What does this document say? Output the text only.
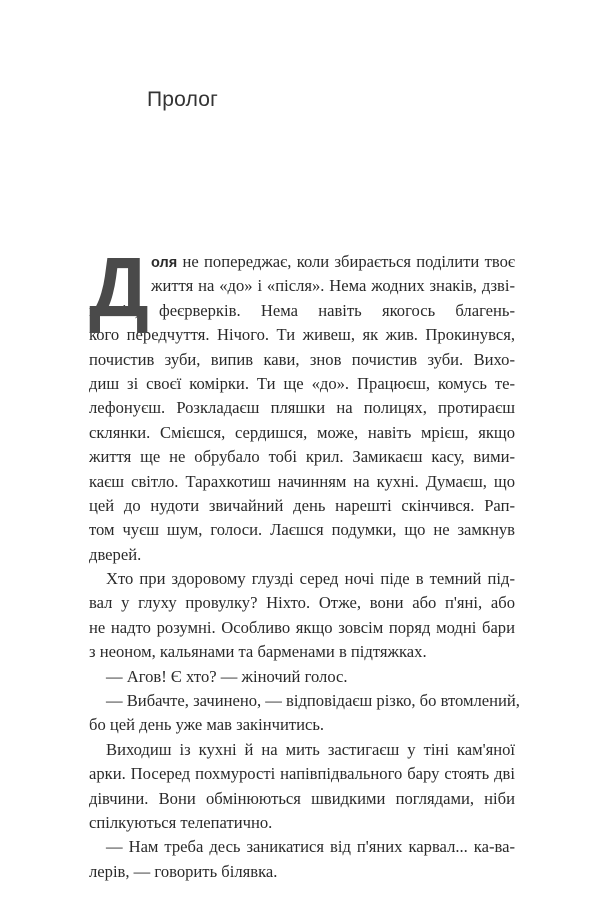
Пролог
Д оля не попереджає, коли збирається поділити твоє
життя на «до» і «після». Нема жодних знаків, дзві-
ночків, феєрверків. Нема навіть якогось благень-
кого передчуття. Нічого. Ти живеш, як жив. Прокинувся,
почистив зуби, випив кави, знов почистив зуби. Вихо-
диш зі своєї комірки. Ти ще «до». Працюєш, комусь те-
лефонуєш. Розкладаєш пляшки на полицях, протираєш
склянки. Смієшся, сердишся, може, навіть мрієш, якщо
життя ще не обрубало тобі крил. Замикаєш касу, вими-
каєш світло. Тарахкотиш начинням на кухні. Думаєш, що
цей до нудоти звичайний день нарешті скінчився. Рап-
том чуєш шум, голоси. Лаєшся подумки, що не замкнув
дверей.
Хто при здоровому глузді серед ночі піде в темний під-
вал у глуху провулку? Ніхто. Отже, вони або п'яні, або
не надто розумні. Особливо якщо зовсім поряд модні бари
з неоном, кальянами та барменами в підтяжках.
— Агов! Є хто? — жіночий голос.
— Вибачте, зачинено, — відповідаєш різко, бо втомлений,
бо цей день уже мав закінчитись.
Виходиш із кухні й на мить застигаєш у тіні кам'яної
арки. Посеред похмурості напівпідвального бару стоять дві
дівчини. Вони обмінюються швидкими поглядами, ніби
спілкуються телепатично.
— Нам треба десь заникатися від п'яних карвал... ка-ва-
лерів, — говорить білявка.
